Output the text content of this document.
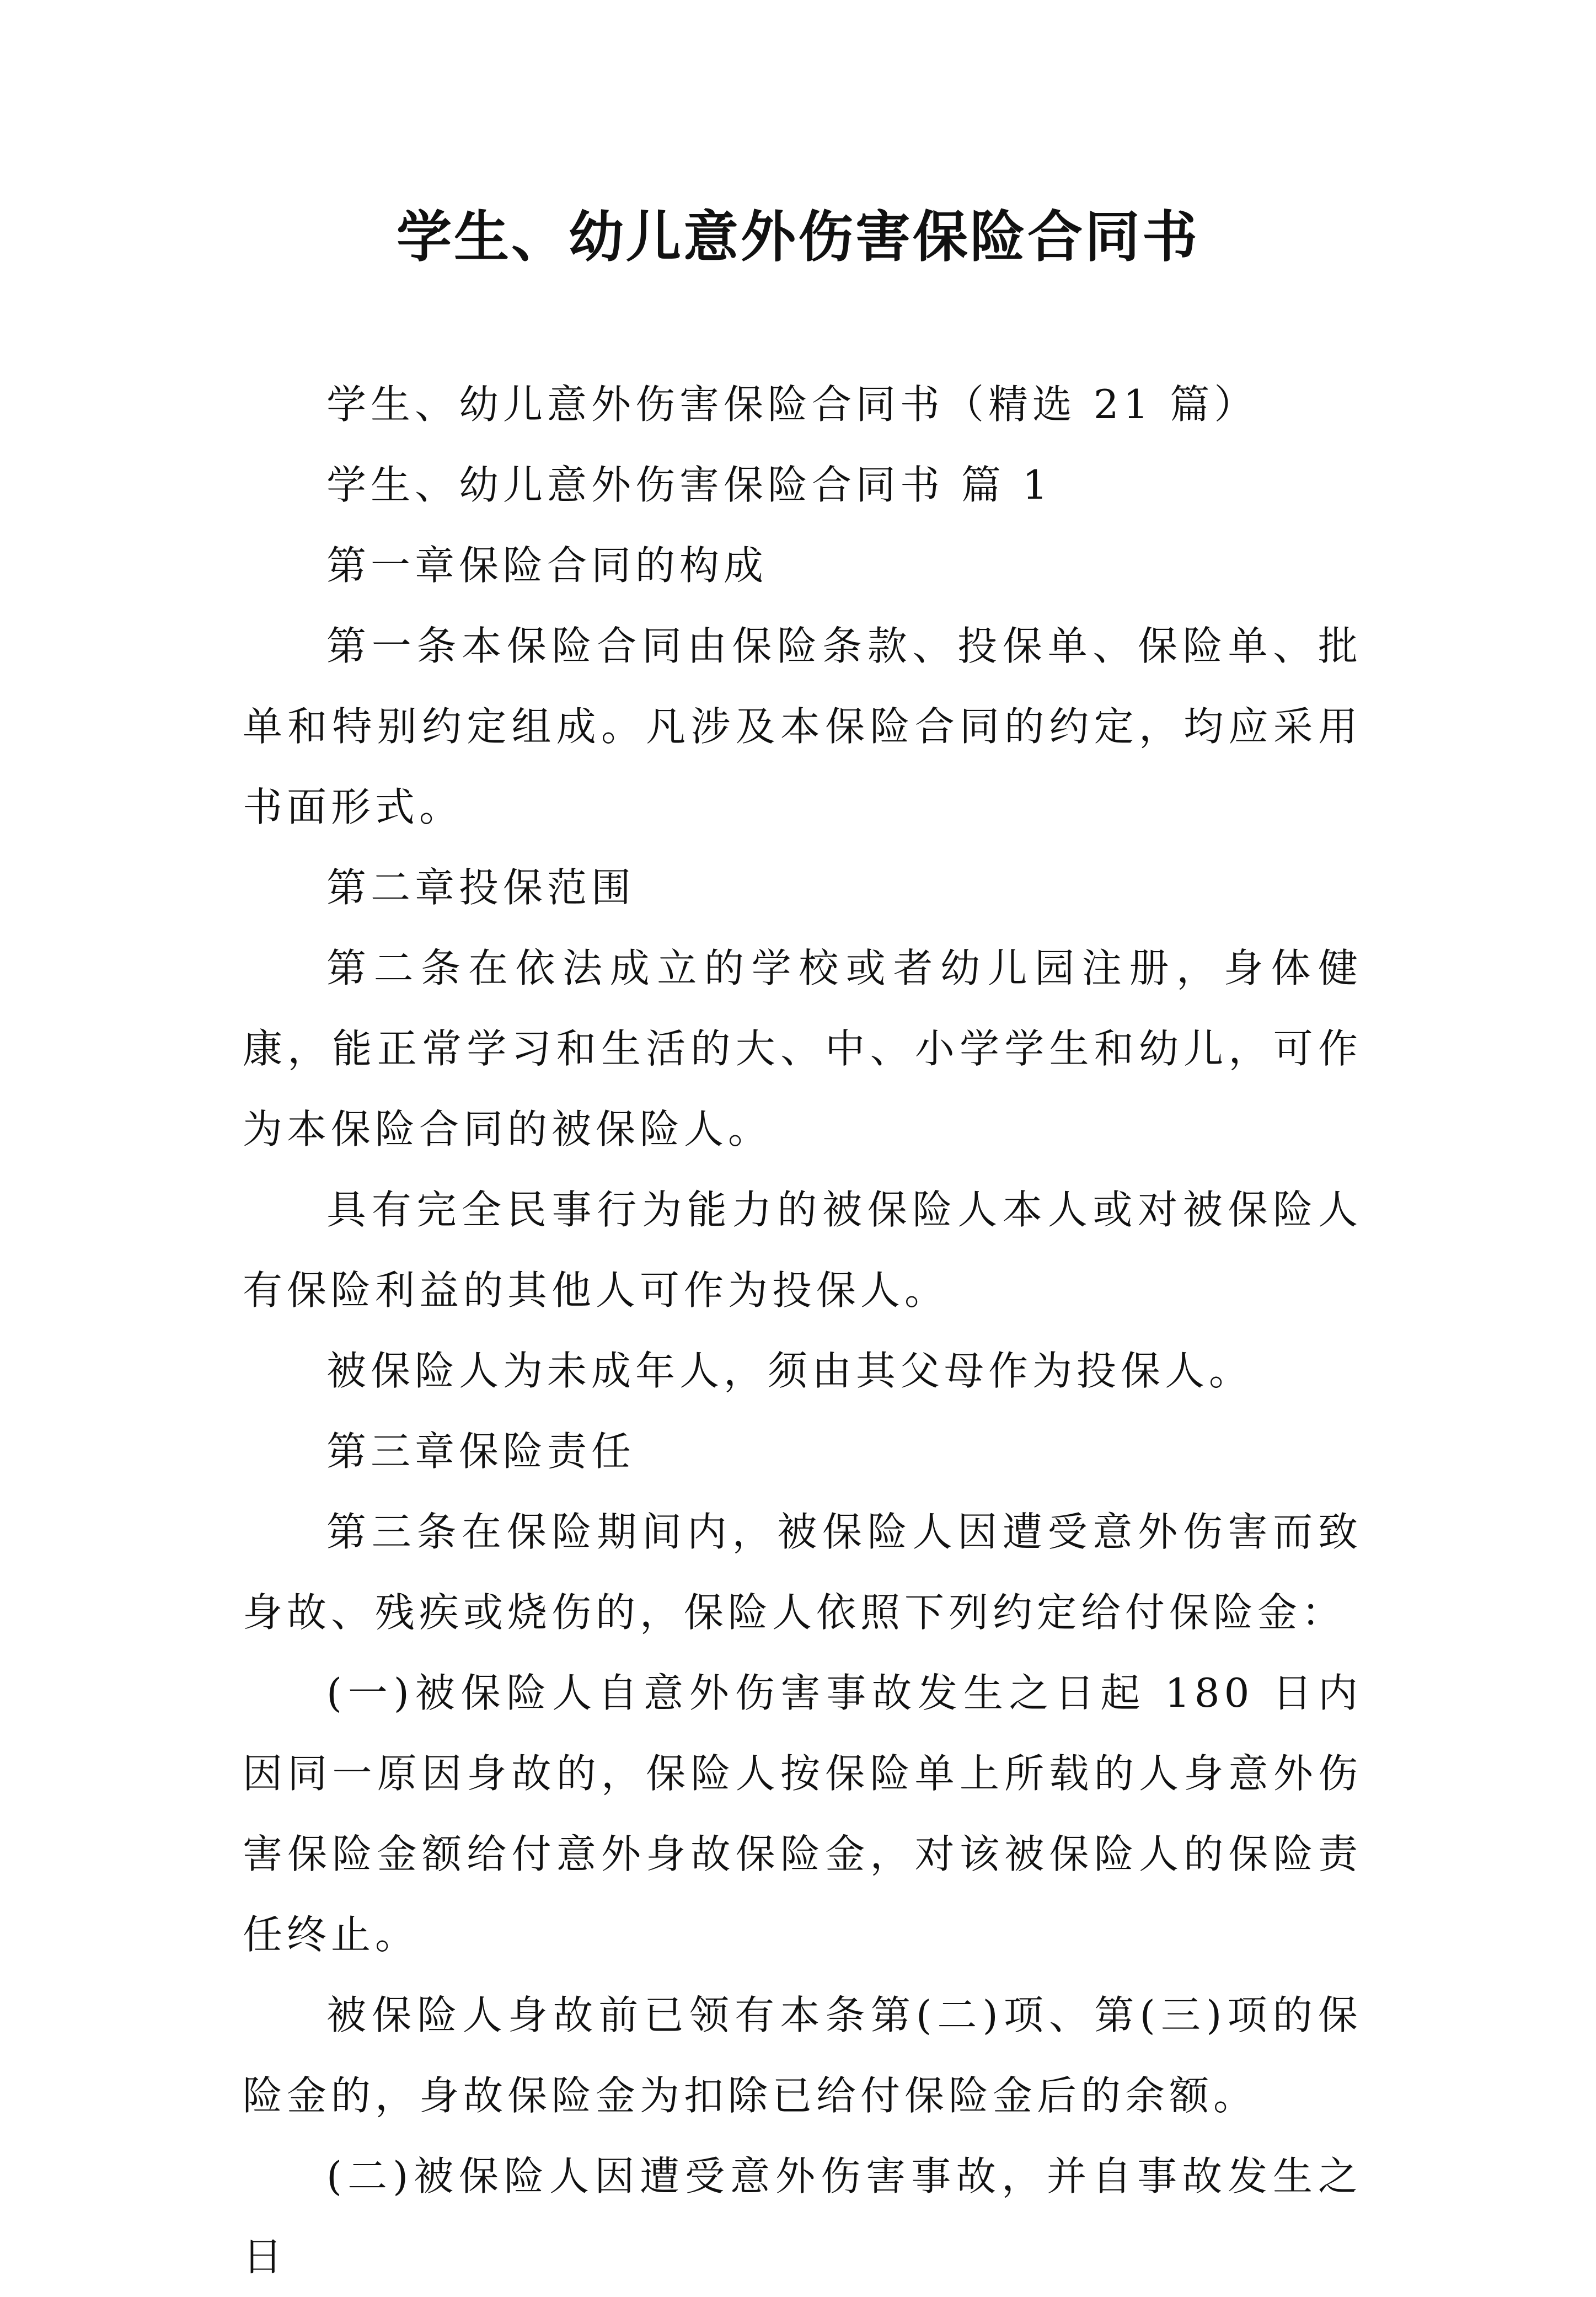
学生、幼儿意外伤害保险合同书

学生、幼儿意外伤害保险合同书（精选 21 篇）

学生、幼儿意外伤害保险合同书 篇 1

第一章保险合同的构成

第一条本保险合同由保险条款、投保单、保险单、批单和特别约定组成。凡涉及本保险合同的约定，均应采用书面形式。

第二章投保范围

第二条在依法成立的学校或者幼儿园注册，身体健康，能正常学习和生活的大、中、小学学生和幼儿，可作为本保险合同的被保险人。

具有完全民事行为能力的被保险人本人或对被保险人有保险利益的其他人可作为投保人。

被保险人为未成年人，须由其父母作为投保人。

第三章保险责任

第三条在保险期间内，被保险人因遭受意外伤害而致身故、残疾或烧伤的，保险人依照下列约定给付保险金：

(一)被保险人自意外伤害事故发生之日起 180 日内因同一原因身故的，保险人按保险单上所载的人身意外伤害保险金额给付意外身故保险金，对该被保险人的保险责任终止。

被保险人身故前已领有本条第(二)项、第(三)项的保险金的，身故保险金为扣除已给付保险金后的余额。

(二)被保险人因遭受意外伤害事故，并自事故发生之日
